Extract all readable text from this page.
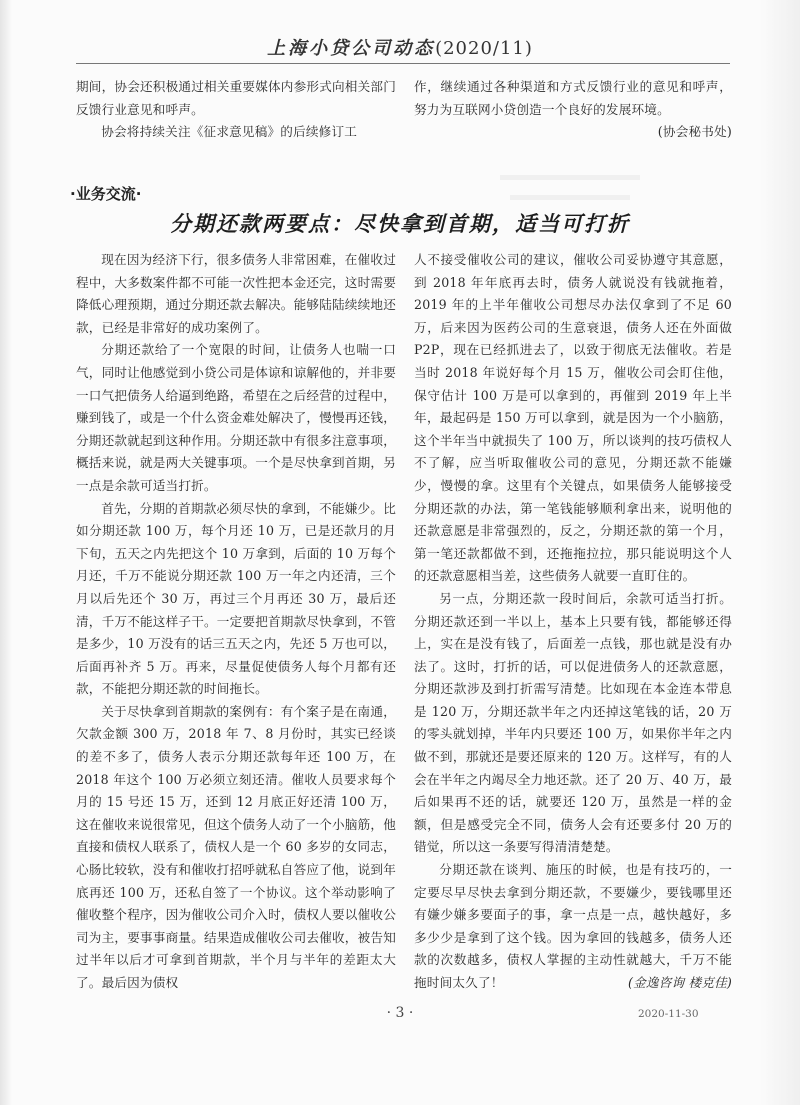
上海小贷公司动态(2020/11)

期间，协会还积极通过相关重要媒体内参形式向相关部门反馈行业意见和呼声。

协会将持续关注《征求意见稿》的后续修订工

作，继续通过各种渠道和方式反馈行业的意见和呼声，努力为互联网小贷创造一个良好的发展环境。

(协会秘书处)

·业务交流·
分期还款两要点：尽快拿到首期，适当可打折

现在因为经济下行，很多债务人非常困难，在催收过程中，大多数案件都不可能一次性把本金还完，这时需要降低心理预期，通过分期还款去解决。能够陆陆续续地还款，已经是非常好的成功案例了。

分期还款给了一个宽限的时间，让债务人也喘一口气，同时让他感觉到小贷公司是体谅和谅解他的，并非要一口气把债务人给逼到绝路，希望在之后经营的过程中，赚到钱了，或是一个什么资金难处解决了，慢慢再还钱，分期还款就起到这种作用。分期还款中有很多注意事项，概括来说，就是两大关键事项。一个是尽快拿到首期，另一点是余款可适当打折。

首先，分期的首期款必须尽快的拿到，不能嫌少。比如分期还款 100 万，每个月还 10 万，已是还款月的月下旬，五天之内先把这个 10 万拿到，后面的 10 万每个月还，千万不能说分期还款 100 万一年之内还清，三个月以后先还个 30 万，再过三个月再还 30 万，最后还清，千万不能这样子干。一定要把首期款尽快拿到，不管是多少，10 万没有的话三五天之内，先还 5 万也可以，后面再补齐 5 万。再来，尽量促使债务人每个月都有还款，不能把分期还款的时间拖长。

关于尽快拿到首期款的案例有：有个案子是在南通，欠款金额 300 万，2018 年 7、8 月份时，其实已经谈的差不多了，债务人表示分期还款每年还 100 万，在 2018 年这个 100 万必须立刻还清。催收人员要求每个月的 15 号还 15 万，还到 12 月底正好还清 100 万，这在催收来说很常见，但这个债务人动了一个小脑筋，他直接和债权人联系了，债权人是一个 60 多岁的女同志，心肠比较软，没有和催收打招呼就私自答应了他，说到年底再还 100 万，还私自签了一个协议。这个举动影响了催收整个程序，因为催收公司介入时，债权人要以催收公司为主，要事事商量。结果造成催收公司去催收，被告知过半年以后才可拿到首期款，半个月与半年的差距太大了。最后因为债权

人不接受催收公司的建议，催收公司妥协遵守其意愿，到 2018 年年底再去时，债务人就说没有钱就拖着，2019 年的上半年催收公司想尽办法仅拿到了不足 60 万，后来因为医药公司的生意衰退，债务人还在外面做 P2P，现在已经抓进去了，以致于彻底无法催收。若是当时 2018 年说好每个月 15 万，催收公司会盯住他，保守估计 100 万是可以拿到的，再催到 2019 年上半年，最起码是 150 万可以拿到，就是因为一个小脑筋，这个半年当中就损失了 100 万，所以谈判的技巧债权人不了解，应当听取催收公司的意见，分期还款不能嫌少，慢慢的拿。这里有个关键点，如果债务人能够接受分期还款的办法，第一笔钱能够顺利拿出来，说明他的还款意愿是非常强烈的，反之，分期还款的第一个月，第一笔还款都做不到，还拖拖拉拉，那只能说明这个人的还款意愿相当差，这些债务人就要一直盯住的。

另一点，分期还款一段时间后，余款可适当打折。分期还款还到一半以上，基本上只要有钱，都能够还得上，实在是没有钱了，后面差一点钱，那也就是没有办法了。这时，打折的话，可以促进债务人的还款意愿，分期还款涉及到打折需写清楚。比如现在本金连本带息是 120 万，分期还款半年之内还掉这笔钱的话，20 万的零头就划掉，半年内只要还 100 万，如果你半年之内做不到，那就还是要还原来的 120 万。这样写，有的人会在半年之内竭尽全力地还款。还了 20 万、40 万，最后如果再不还的话，就要还 120 万，虽然是一样的金额，但是感受完全不同，债务人会有还要多付 20 万的错觉，所以这一条要写得清清楚楚。

分期还款在谈判、施压的时候，也是有技巧的，一定要尽早尽快去拿到分期还款，不要嫌少，要钱哪里还有嫌少嫌多要面子的事，拿一点是一点，越快越好，多多少少是拿到了这个钱。因为拿回的钱越多，债务人还款的次数越多，债权人掌握的主动性就越大，千万不能拖时间太久了！	(金逸咨询 楼克佳)

· 3 ·	2020-11-30
